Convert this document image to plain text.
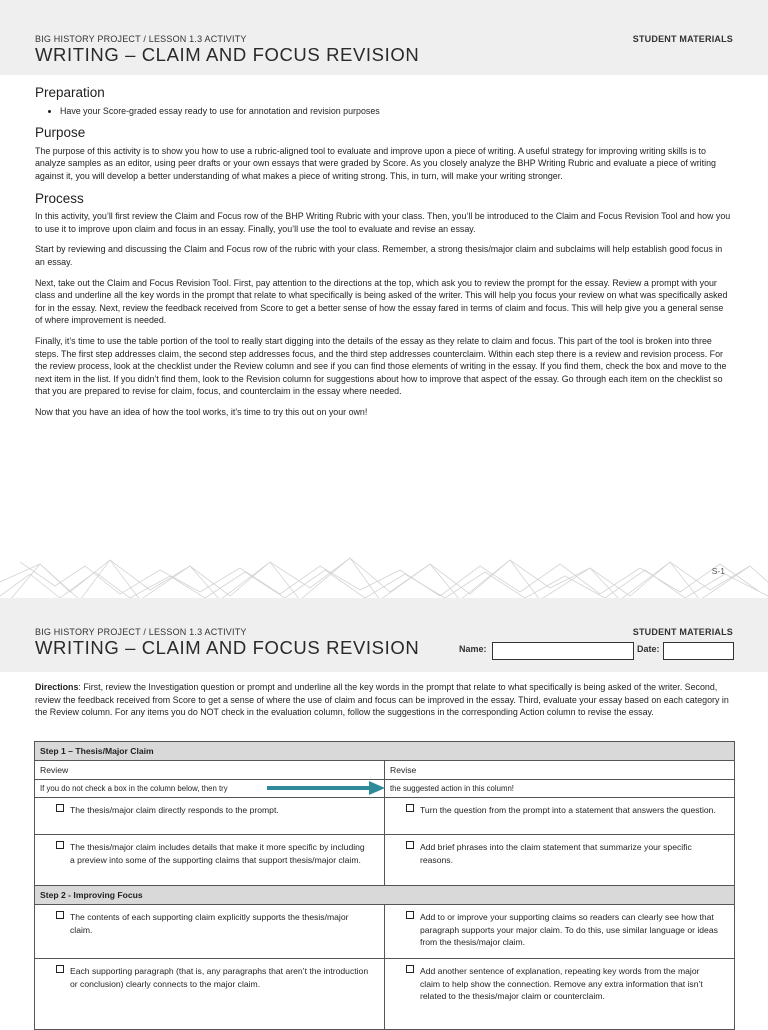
BIG HISTORY PROJECT / LESSON 1.3 ACTIVITY
WRITING – CLAIM AND FOCUS REVISION
STUDENT MATERIALS
Preparation
• Have your Score-graded essay ready to use for annotation and revision purposes
Purpose

The purpose of this activity is to show you how to use a rubric-aligned tool to evaluate and improve upon a piece of writing. A useful strategy for improving writing skills is to analyze samples as an editor, using peer drafts or your own essays that were graded by Score. As you closely analyze the BHP Writing Rubric and evaluate a piece of writing against it, you will develop a better understanding of what makes a piece of writing strong. This, in turn, will make your writing stronger.

Process

In this activity, you’ll first review the Claim and Focus row of the BHP Writing Rubric with your class. Then, you’ll be introduced to the Claim and Focus Revision Tool and how you to use it to improve upon claim and focus in an essay. Finally, you’ll use the tool to evaluate and revise an essay.

Start by reviewing and discussing the Claim and Focus row of the rubric with your class. Remember, a strong thesis/major claim and subclaims will help establish good focus in an essay.

Next, take out the Claim and Focus Revision Tool. First, pay attention to the directions at the top, which ask you to review the prompt for the essay. Review a prompt with your class and underline all the key words in the prompt that relate to what specifically is being asked of the writer. This will help you focus your review on what was specifically asked for in the essay. Next, review the feedback received from Score to get a better sense of how the essay fared in terms of claim and focus. This will help give you a general sense of where improvement is needed.

Finally, it’s time to use the table portion of the tool to really start digging into the details of the essay as they relate to claim and focus. This part of the tool is broken into three steps. The first step addresses claim, the second step addresses focus, and the third step addresses counterclaim. Within each step there is a review and revision process. For the review process, look at the checklist under the Review column and see if you can find those elements of writing in the essay. If you find them, check the box and move to the next item in the list. If you didn’t find them, look to the Revision column for suggestions about how to improve that aspect of the essay. Go through each item on the checklist so that you are prepared to revise for claim, focus, and counterclaim in the essay where needed.

Now that you have an idea of how the tool works, it’s time to try this out on your own!

S-1
BIG HISTORY PROJECT / LESSON 1.3 ACTIVITY
WRITING – CLAIM AND FOCUS REVISION
STUDENT MATERIALS
Name:	Date:
Directions: First, review the Investigation question or prompt and underline all the key words in the prompt that relate to what specifically is being asked of the writer. Second, review the feedback received from Score to get a sense of where the use of claim and focus can be improved in the essay. Third, evaluate your essay based on each category in the Review column. For any items you do NOT check in the evaluation column, follow the suggestions in the corresponding Action column to revise the essay.
Step 1 – Thesis/Major Claim	
Review	Revise
If you do not check a box in the column below, then try	the suggested action in this column!

The thesis/major claim directly responds to the prompt.	Turn the question from the prompt into a statement that answers the question.

The thesis/major claim includes details that make it more specific by including a preview into some of the supporting claims that support thesis/major claim.	Add brief phrases into the claim statement that summarize your specific reasons.

Step 2 - Improving Focus	

The contents of each supporting claim explicitly supports the thesis/major claim.	Add to or improve your supporting claims so readers can clearly see how that paragraph supports your major claim. To do this, use similar language or ideas from the thesis/major claim.

Each supporting paragraph (that is, any paragraphs that aren’t the introduction or conclusion) clearly connects to the major claim.	Add another sentence of explanation, repeating key words from the major claim to help show the connection. Remove any extra information that isn’t related to the thesis/major claim or counterclaim.
